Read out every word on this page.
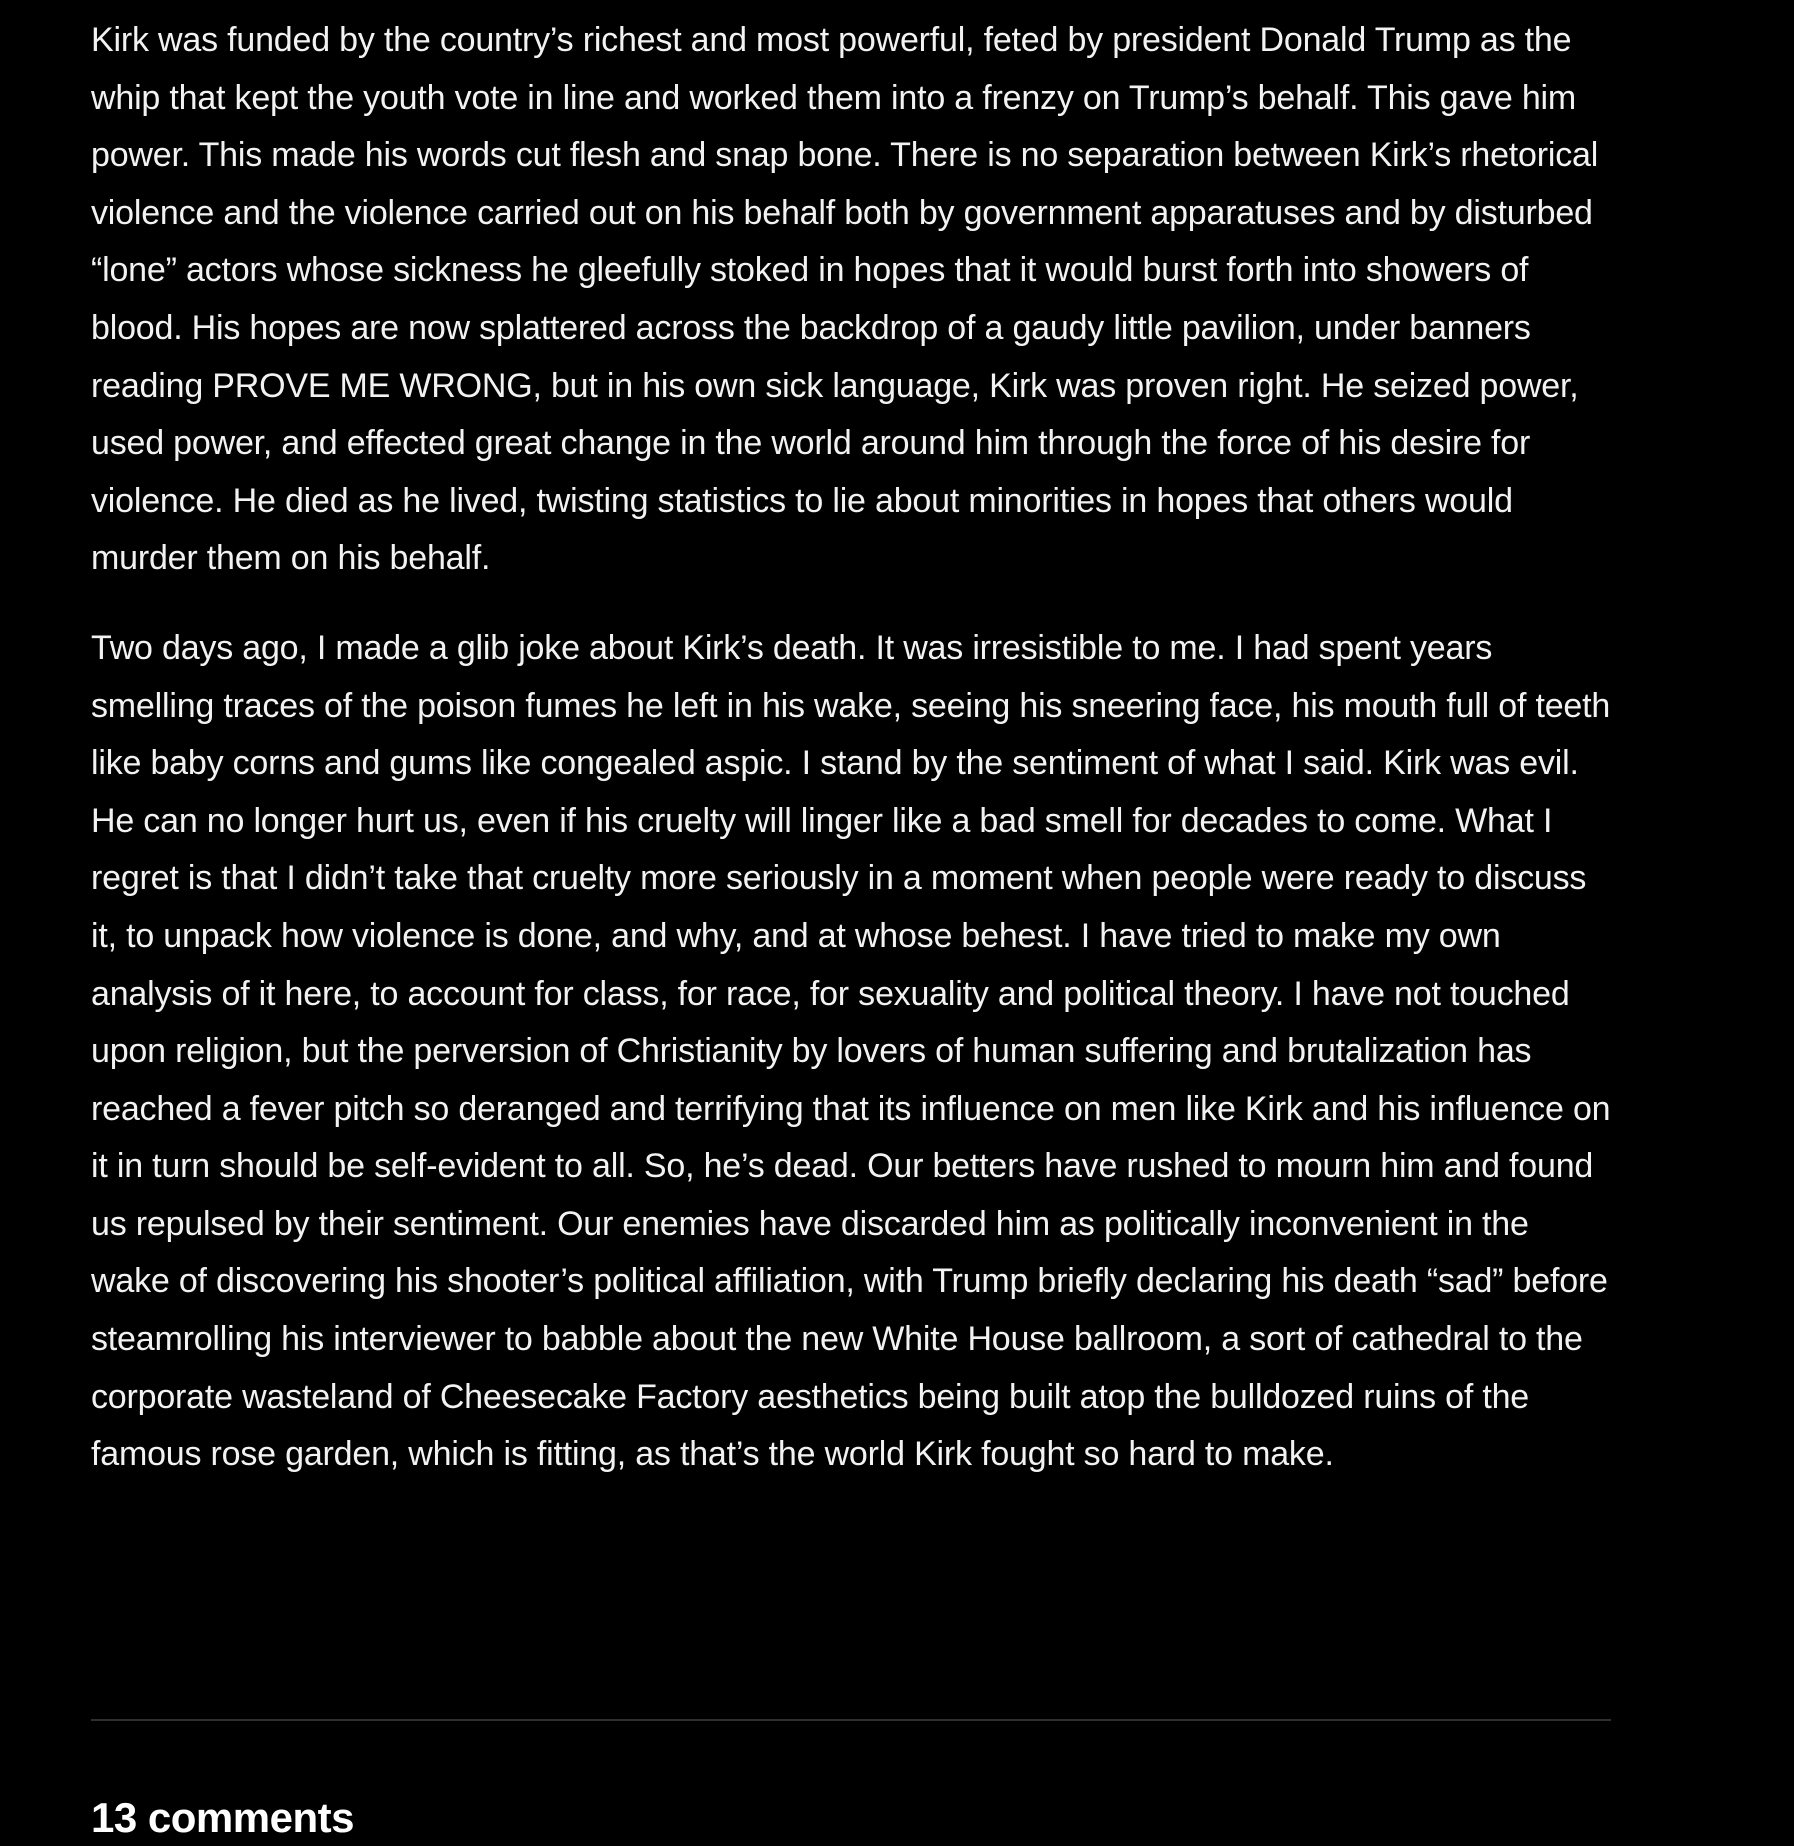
Kirk was funded by the country’s richest and most powerful, feted by president Donald Trump as the whip that kept the youth vote in line and worked them into a frenzy on Trump’s behalf. This gave him power. This made his words cut flesh and snap bone. There is no separation between Kirk’s rhetorical violence and the violence carried out on his behalf both by government apparatuses and by disturbed “lone” actors whose sickness he gleefully stoked in hopes that it would burst forth into showers of blood. His hopes are now splattered across the backdrop of a gaudy little pavilion, under banners reading PROVE ME WRONG, but in his own sick language, Kirk was proven right. He seized power, used power, and effected great change in the world around him through the force of his desire for violence. He died as he lived, twisting statistics to lie about minorities in hopes that others would murder them on his behalf.

Two days ago, I made a glib joke about Kirk’s death. It was irresistible to me. I had spent years smelling traces of the poison fumes he left in his wake, seeing his sneering face, his mouth full of teeth like baby corns and gums like congealed aspic. I stand by the sentiment of what I said. Kirk was evil. He can no longer hurt us, even if his cruelty will linger like a bad smell for decades to come. What I regret is that I didn’t take that cruelty more seriously in a moment when people were ready to discuss it, to unpack how violence is done, and why, and at whose behest. I have tried to make my own analysis of it here, to account for class, for race, for sexuality and political theory. I have not touched upon religion, but the perversion of Christianity by lovers of human suffering and brutalization has reached a fever pitch so deranged and terrifying that its influence on men like Kirk and his influence on it in turn should be self-evident to all. So, he’s dead. Our betters have rushed to mourn him and found us repulsed by their sentiment. Our enemies have discarded him as politically inconvenient in the wake of discovering his shooter’s political affiliation, with Trump briefly declaring his death “sad” before steamrolling his interviewer to babble about the new White House ballroom, a sort of cathedral to the corporate wasteland of Cheesecake Factory aesthetics being built atop the bulldozed ruins of the famous rose garden, which is fitting, as that’s the world Kirk fought so hard to make.

13 comments
